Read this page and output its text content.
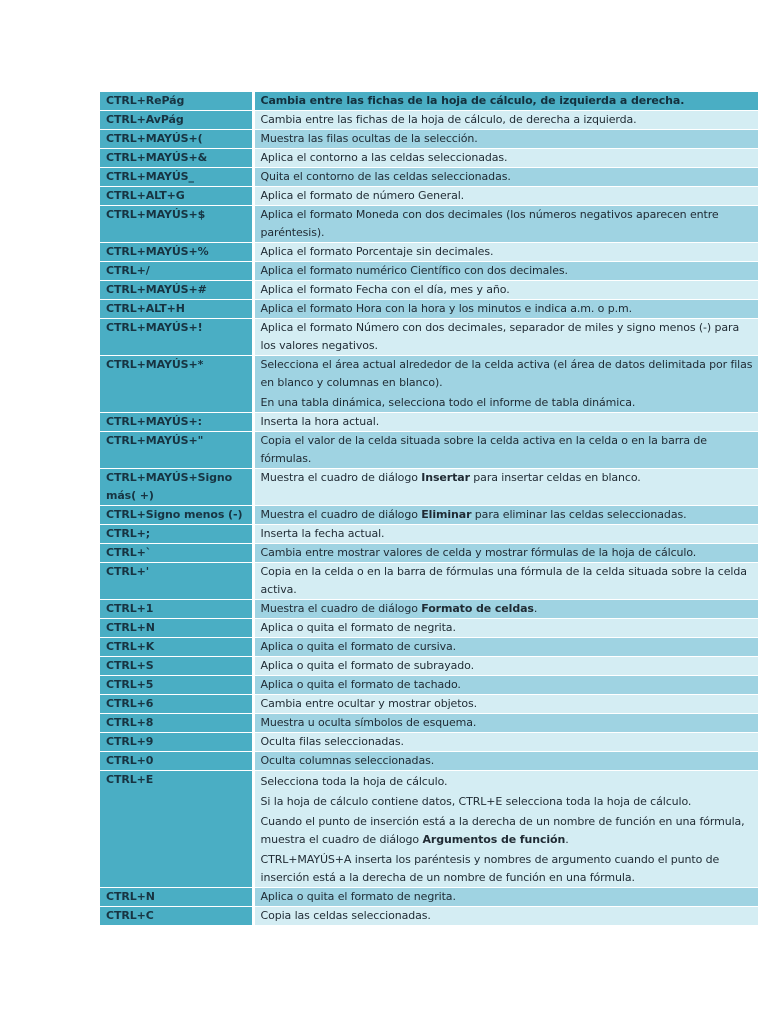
CTRL+RePág	Cambia entre las fichas de la hoja de cálculo, de izquierda a derecha.

CTRL+AvPág	Cambia entre las fichas de la hoja de cálculo, de derecha a izquierda.

CTRL+MAYÚS+(	Muestra las filas ocultas de la selección.

CTRL+MAYÚS+&	Aplica el contorno a las celdas seleccionadas.

CTRL+MAYÚS_	Quita el contorno de las celdas seleccionadas.

CTRL+ALT+G	Aplica el formato de número General.

CTRL+MAYÚS+$	Aplica el formato Moneda con dos decimales (los números negativos aparecen entre paréntesis).

CTRL+MAYÚS+%	Aplica el formato Porcentaje sin decimales.

CTRL+/	Aplica el formato numérico Científico con dos decimales.

CTRL+MAYÚS+#	Aplica el formato Fecha con el día, mes y año.

CTRL+ALT+H	Aplica el formato Hora con la hora y los minutos e indica a.m. o p.m.

CTRL+MAYÚS+!	Aplica el formato Número con dos decimales, separador de miles y signo menos (-) para los valores negativos.

CTRL+MAYÚS+*	Selecciona el área actual alrededor de la celda activa (el área de datos delimitada por filas en blanco y columnas en blanco).
En una tabla dinámica, selecciona todo el informe de tabla dinámica.

CTRL+MAYÚS+:	Inserta la hora actual.

CTRL+MAYÚS+"	Copia el valor de la celda situada sobre la celda activa en la celda o en la barra de fórmulas.

CTRL+MAYÚS+Signo más( +)	Muestra el cuadro de diálogo Insertar para insertar celdas en blanco.
CTRL+Signo menos (-)	Muestra el cuadro de diálogo Eliminar para eliminar las celdas seleccionadas.
CTRL+;	Inserta la fecha actual.

CTRL+`	Cambia entre mostrar valores de celda y mostrar fórmulas de la hoja de cálculo.

CTRL+'	Copia en la celda o en la barra de fórmulas una fórmula de la celda situada sobre la celda activa.

CTRL+1	Muestra el cuadro de diálogo Formato de celdas.
CTRL+N	Aplica o quita el formato de negrita.

CTRL+K	Aplica o quita el formato de cursiva.

CTRL+S	Aplica o quita el formato de subrayado.

CTRL+5	Aplica o quita el formato de tachado.

CTRL+6	Cambia entre ocultar y mostrar objetos.

CTRL+8	Muestra u oculta símbolos de esquema.

CTRL+9	Oculta filas seleccionadas.

CTRL+0	Oculta columnas seleccionadas.

CTRL+E	Selecciona toda la hoja de cálculo.
Si la hoja de cálculo contiene datos, CTRL+E selecciona toda la hoja de cálculo.
Cuando el punto de inserción está a la derecha de un nombre de función en una fórmula, muestra el cuadro de diálogo Argumentos de función.
CTRL+MAYÚS+A inserta los paréntesis y nombres de argumento cuando el punto de inserción está a la derecha de un nombre de función en una fórmula.

CTRL+N	Aplica o quita el formato de negrita.

CTRL+C	Copia las celdas seleccionadas.
